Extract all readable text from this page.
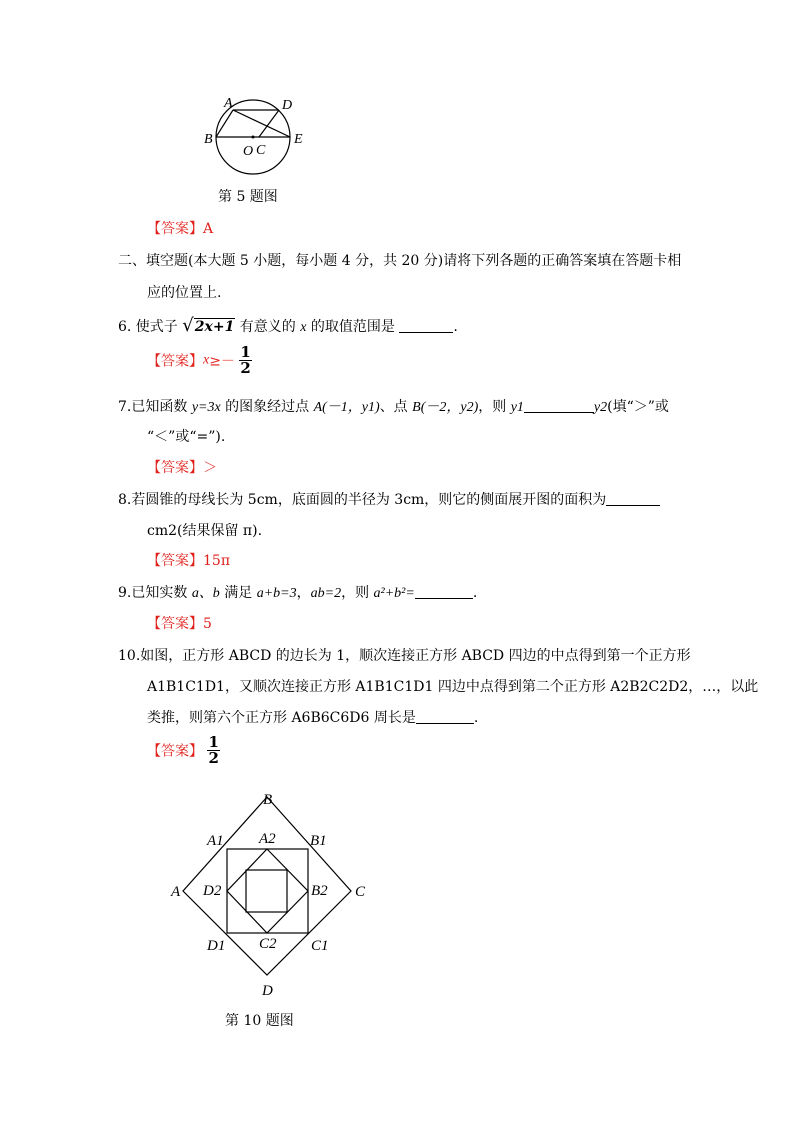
A	D
B	E
O C
第 5 题图
【答案】A
二、填空题(本大题 5 小题，每小题 4 分，共 20 分)请将下列各题的正确答案填在答题卡相
应的位置上.
6. 使式子 √2x+1 有意义的 x 的取值范围是	.
【答案】$x\ge- \frac{1}{2}$
7.已知函数 y=3x 的图象经过点 A(－1，y1)、点 B(－2，y2)，则 y1	y2(填“＞”或
“＜”或“=”).
【答案】＞
8.若圆锥的母线长为 5cm，底面圆的半径为 3cm，则它的侧面展开图的面积为
cm2(结果保留 π).
【答案】15π
9.已知实数 a、b 满足 a+b=3，ab=2，则 a²+b²=	.
【答案】5
10.如图，正方形 ABCD 的边长为 1，顺次连接正方形 ABCD 四边的中点得到第一个正方形
A1B1C1D1，又顺次连接正方形 A1B1C1D1 四边中点得到第二个正方形 A2B2C2D2，…，以此
类推，则第六个正方形 A6B6C6D6 周长是	.
【答案】 $\frac{1}{2}$
B
A1 A2 B1
A D2	B2 C
D1 C2 C1
D
第 10 题图
